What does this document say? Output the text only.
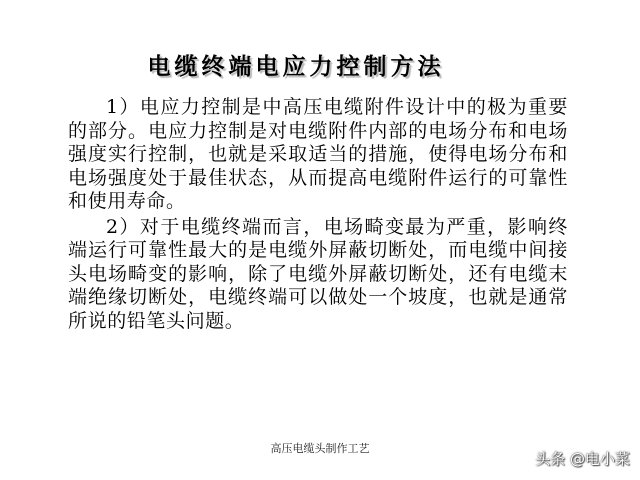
电缆终端电应力控制方法

1）电应力控制是中高压电缆附件设计中的极为重要的部分。电应力控制是对电缆附件内部的电场分布和电场强度实行控制，也就是采取适当的措施，使得电场分布和电场强度处于最佳状态，从而提高电缆附件运行的可靠性和使用寿命。

2）对于电缆终端而言，电场畸变最为严重，影响终端运行可靠性最大的是电缆外屏蔽切断处，而电缆中间接头电场畸变的影响，除了电缆外屏蔽切断处，还有电缆末端绝缘切断处，电缆终端可以做处一个坡度，也就是通常所说的铅笔头问题。

高压电缆头制作工艺
头条 @电小菜
